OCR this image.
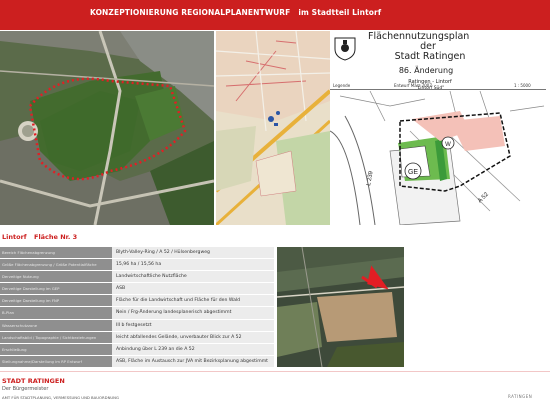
KONZEPTIONIERUNG REGIONALPLANENTWURF im Stadtteil Lintorf
Flächennutzungsplan
der
Stadt Ratingen
86. Änderung
Ratingen - Lintorf
Legende	Entwurf März 2007	1 : 5000
GE
W
L 239
A 52
Lintorf Fläche Nr. 3
Bereich Flächenabgrenzung	Blyth-Valley-Ring / A 52 / Hülsenbergweg
Größe Flächenabgrenzung / Größe Potentialfläche	15,96 ha / 15,56 ha
Derzeitige Nutzung	Landwirtschaftliche Nutzfläche
Derzeitige Darstellung im GEP	ASB
Derzeitige Darstellung im FNP	Fläche für die Landwirtschaft und Fläche für den Wald
B-Plan	Nein / Frg-Änderung landesplanerisch abgestimmt
Wasserschutzzone	III b festgesetzt
Landschaftsbild / Topographie / Sichtbeziehungen	leicht abfallendes Gelände, unverbauter Blick zur A 52
Erschließung	Anbindung über L 239 an die A 52
Stellungnahme/Darstellung im RP Entwurf	ASB, Fläche im Austausch zur JVA mit Bezirksplanung abgestimmt
STADT RATINGEN
Der Bürgermeister
AMT FÜR STADTPLANUNG, VERMESSUNG UND BAUORDNUNG	RATINGEN
